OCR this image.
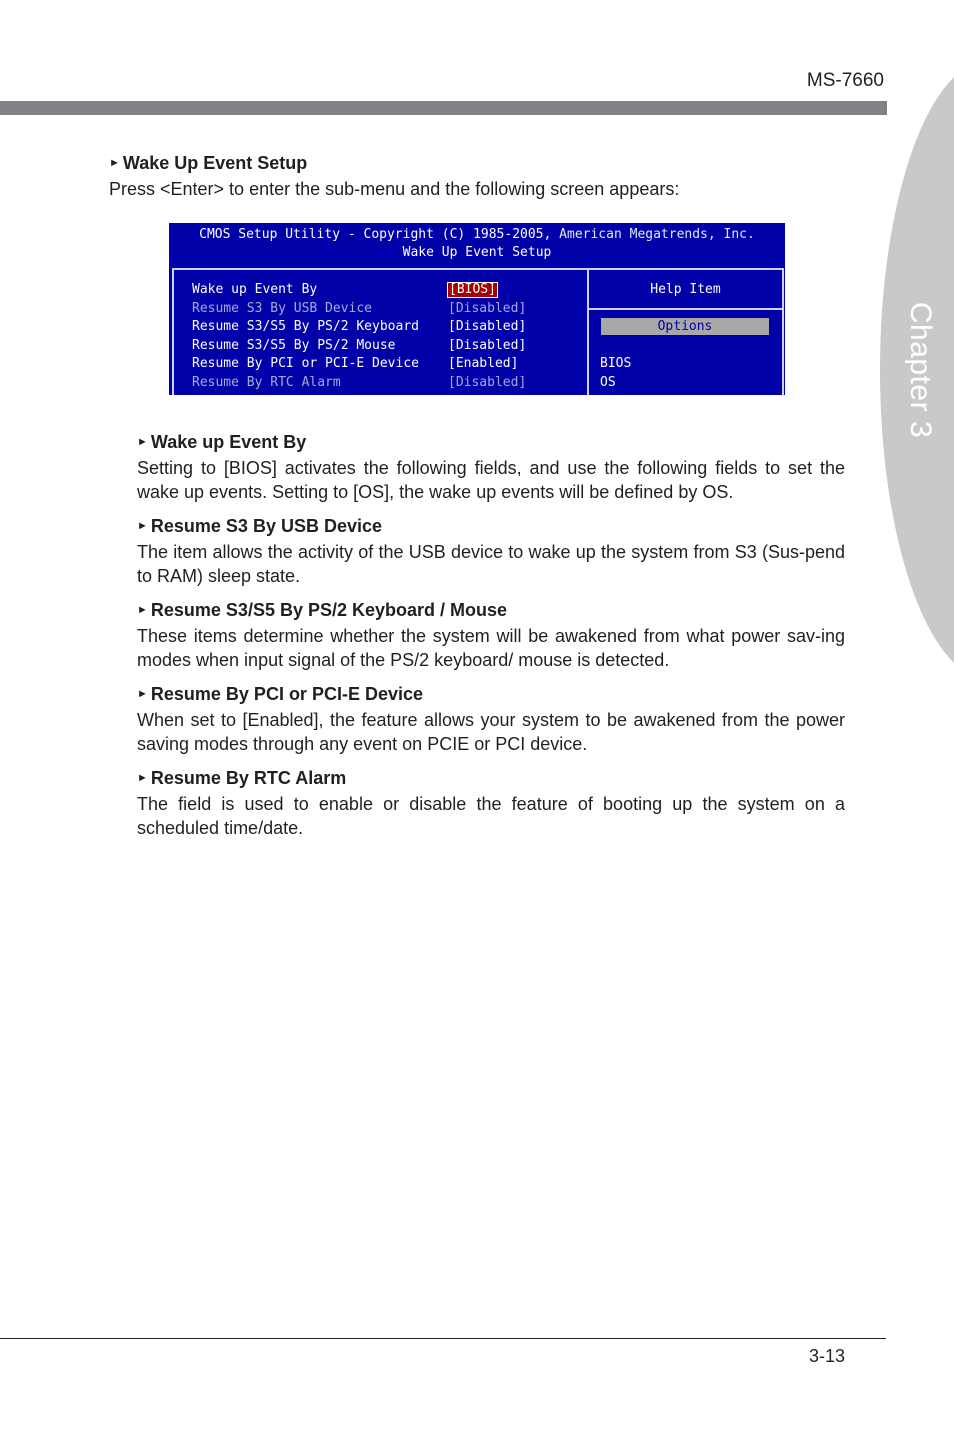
MS-7660
Chapter 3
► Wake Up Event Setup
Press <Enter> to enter the sub-menu and the following screen appears:
CMOS Setup Utility - Copyright (C) 1985-2005, American Megatrends, Inc.
Wake Up Event Setup
Wake up Event By	[BIOS]
Resume S3 By USB Device	[Disabled]
Resume S3/S5 By PS/2 Keyboard [Disabled]
Resume S3/S5 By PS/2 Mouse	[Disabled]
Resume By PCI or PCI-E Device [Enabled]
Resume By RTC Alarm	[Disabled]
Help Item
Options
BIOS
OS

► Wake up Event By

Setting to [BIOS] activates the following fields, and use the following fields to set the wake up events. Setting to [OS], the wake up events will be defined by OS.

► Resume S3 By USB Device

The item allows the activity of the USB device to wake up the system from S3 (Sus-pend to RAM) sleep state.

► Resume S3/S5 By PS/2 Keyboard / Mouse

These items determine whether the system will be awakened from what power sav-ing modes when input signal of the PS/2 keyboard/ mouse is detected.

► Resume By PCI or PCI-E Device

When set to [Enabled], the feature allows your system to be awakened from the power saving modes through any event on PCIE or PCI device.

► Resume By RTC Alarm

The field is used to enable or disable the feature of booting up the system on a scheduled time/date.

3-13
